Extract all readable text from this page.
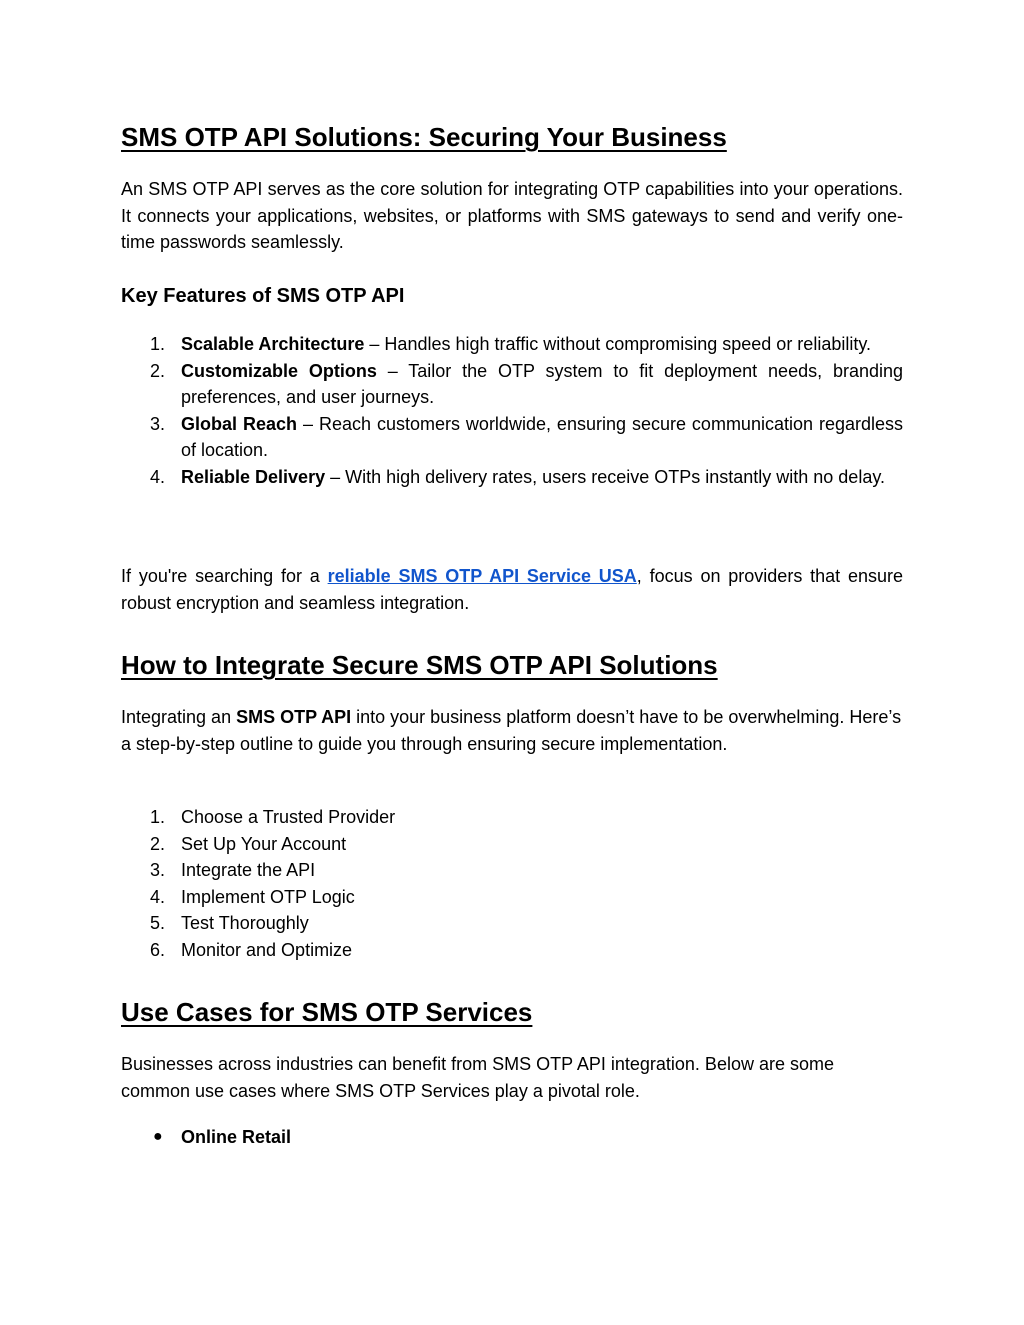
SMS OTP API Solutions: Securing Your Business

An SMS OTP API serves as the core solution for integrating OTP capabilities into your operations. It connects your applications, websites, or platforms with SMS gateways to send and verify one-time passwords seamlessly.

Key Features of SMS OTP API
1. Scalable Architecture – Handles high traffic without compromising speed or reliability.
2. Customizable Options – Tailor the OTP system to fit deployment needs, branding preferences, and user journeys.
3. Global Reach – Reach customers worldwide, ensuring secure communication regardless of location.
4. Reliable Delivery – With high delivery rates, users receive OTPs instantly with no delay.

If you're searching for a reliable SMS OTP API Service USA, focus on providers that ensure robust encryption and seamless integration.

How to Integrate Secure SMS OTP API Solutions

Integrating an SMS OTP API into your business platform doesn’t have to be overwhelming. Here’s a step-by-step outline to guide you through ensuring secure implementation.

1. Choose a Trusted Provider
2. Set Up Your Account
3. Integrate the API
4. Implement OTP Logic
5. Test Thoroughly
6. Monitor and Optimize
Use Cases for SMS OTP Services

Businesses across industries can benefit from SMS OTP API integration. Below are some common use cases where SMS OTP Services play a pivotal role.

● Online Retail
